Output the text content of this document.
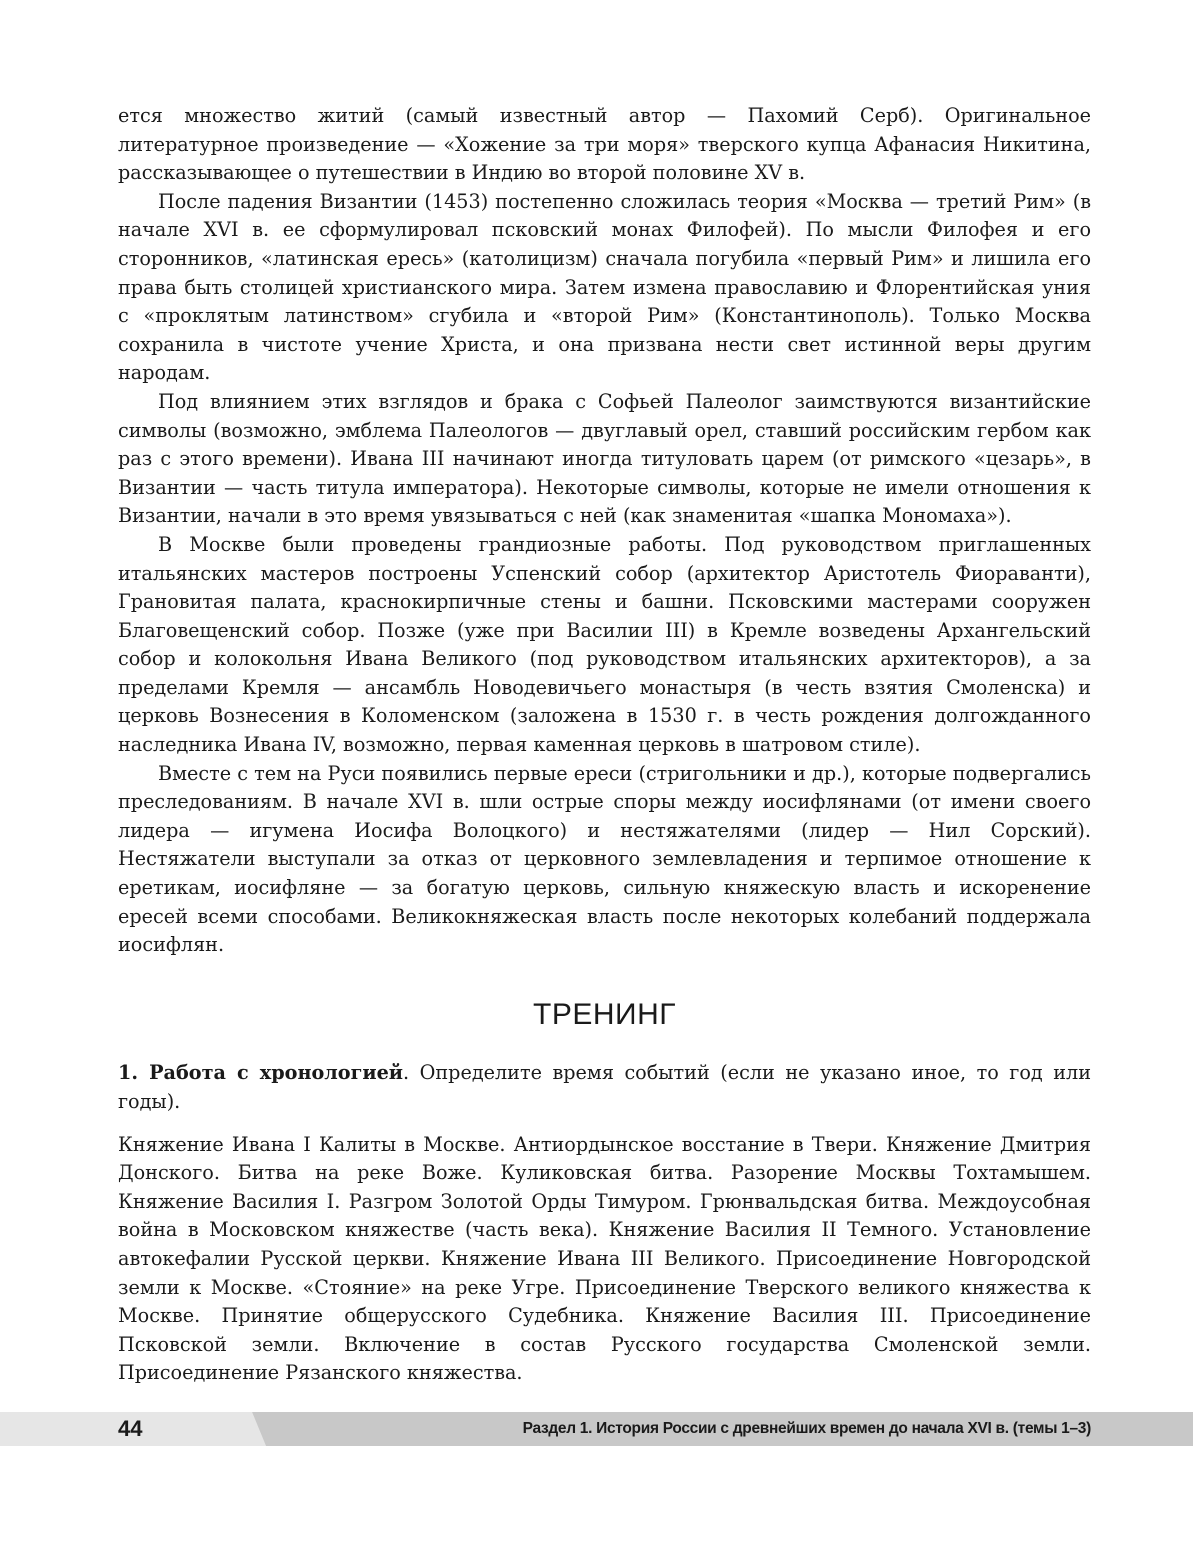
ется множество житий (самый известный автор — Пахомий Серб). Оригинальное литературное произведение — «Хожение за три моря» тверского купца Афанасия Никитина, рассказывающее о путешествии в Индию во второй половине XV в.

После падения Византии (1453) постепенно сложилась теория «Москва — третий Рим» (в начале XVI в. ее сформулировал псковский монах Филофей). По мысли Филофея и его сторонников, «латинская ересь» (католицизм) сначала погубила «первый Рим» и лишила его права быть столицей христианского мира. Затем измена православию и Флорентийская уния с «проклятым латинством» сгубила и «второй Рим» (Константинополь). Только Москва сохранила в чистоте учение Христа, и она призвана нести свет истинной веры другим народам.

Под влиянием этих взглядов и брака с Софьей Палеолог заимствуются византийские символы (возможно, эмблема Палеологов — двуглавый орел, ставший российским гербом как раз с этого времени). Ивана III начинают иногда титуловать царем (от римского «цезарь», в Византии — часть титула императора). Некоторые символы, которые не имели отношения к Византии, начали в это время увязываться с ней (как знаменитая «шапка Мономаха»).

В Москве были проведены грандиозные работы. Под руководством приглашенных итальянских мастеров построены Успенский собор (архитектор Аристотель Фиораванти), Грановитая палата, краснокирпичные стены и башни. Псковскими мастерами сооружен Благовещенский собор. Позже (уже при Василии III) в Кремле возведены Архангельский собор и колокольня Ивана Великого (под руководством итальянских архитекторов), а за пределами Кремля — ансамбль Новодевичьего монастыря (в честь взятия Смоленска) и церковь Вознесения в Коломенском (заложена в 1530 г. в честь рождения долгожданного наследника Ивана IV, возможно, первая каменная церковь в шатровом стиле).

Вместе с тем на Руси появились первые ереси (стригольники и др.), которые подвергались преследованиям. В начале XVI в. шли острые споры между иосифлянами (от имени своего лидера — игумена Иосифа Волоцкого) и нестяжателями (лидер — Нил Сорский). Нестяжатели выступали за отказ от церковного землевладения и терпимое отношение к еретикам, иосифляне — за богатую церковь, сильную княжескую власть и искоренение ересей всеми способами. Великокняжеская власть после некоторых колебаний поддержала иосифлян.

ТРЕНИНГ

1. Работа с хронологией. Определите время событий (если не указано иное, то год или годы).

Княжение Ивана I Калиты в Москве. Антиордынское восстание в Твери. Княжение Дмитрия Донского. Битва на реке Воже. Куликовская битва. Разорение Москвы Тохтамышем. Княжение Василия I. Разгром Золотой Орды Тимуром. Грюнвальдская битва. Междоусобная война в Московском княжестве (часть века). Княжение Василия II Темного. Установление автокефалии Русской церкви. Княжение Ивана III Великого. Присоединение Новгородской земли к Москве. «Стояние» на реке Угре. Присоединение Тверского великого княжества к Москве. Принятие общерусского Судебника. Княжение Василия III. Присоединение Псковской земли. Включение в состав Русского государства Смоленской земли. Присоединение Рязанского княжества.

44	Раздел 1. История России с древнейших времен до начала XVI в. (темы 1–3)
